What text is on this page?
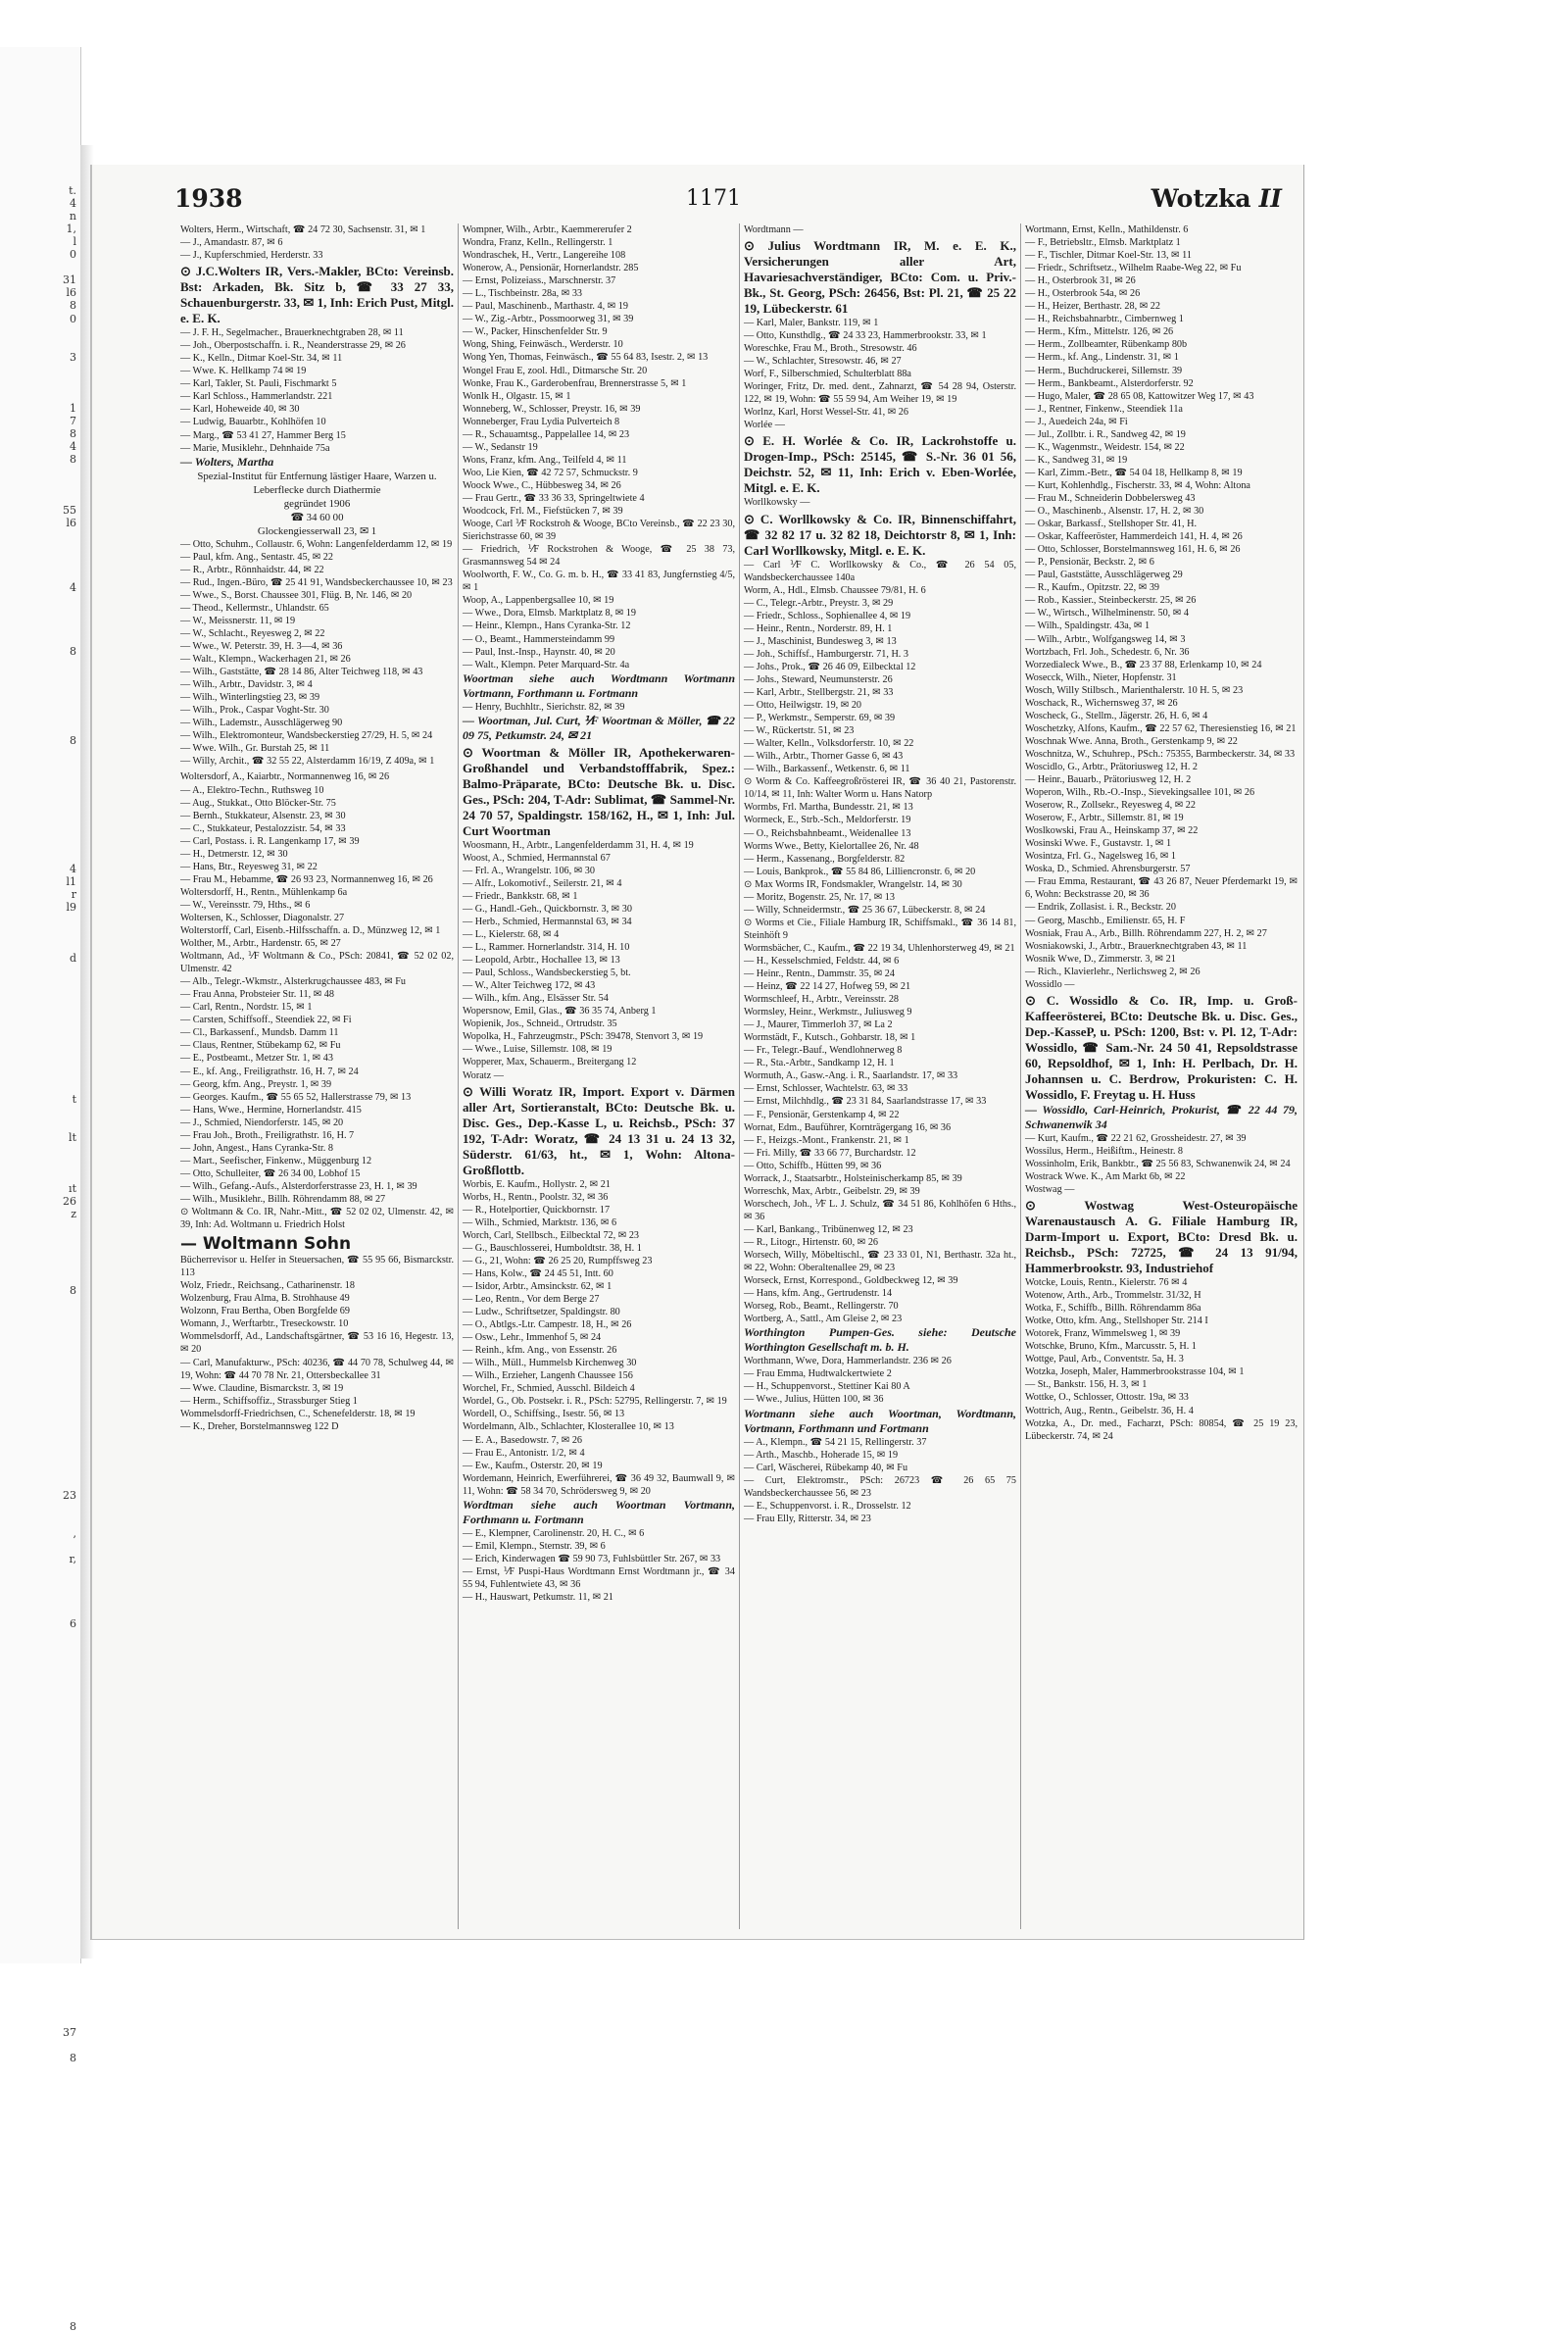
t.
4
n
1,
l
0
31
l6
8
0
3
1
7
8
4
8
55
l6
4
8
8
4
l1
r
l9
d
t
lt
ıt
26
z
8
23
,
r,
6
37
8
8
1938	1171	Wotzka II
Wolters, Herm., Wirtschaft, ☎ 24 72 30, Sachsenstr. 31, ✉ 1
— J., Amandastr. 87, ✉ 6
— J., Kupferschmied, Herderstr. 33
⊙ J.C.Wolters IR, Vers.-Makler, BCto: Vereinsb. Bst: Arkaden, Bk. Sitz b, ☎ 33 27 33, Schauenburgerstr. 33, ✉ 1, Inh: Erich Pust, Mitgl. e. E. K.
— J. F. H., Segelmacher., Brauerknechtgraben 28, ✉ 11
— Joh., Oberpostschaffn. i. R., Neanderstrasse 29, ✉ 26
— K., Kelln., Ditmar Koel-Str. 34, ✉ 11
— Wwe. K. Hellkamp 74 ✉ 19
— Karl, Takler, St. Pauli, Fischmarkt 5
— Karl Schloss., Hammerlandstr. 221
— Karl, Hoheweide 40, ✉ 30
— Ludwig, Bauarbtr., Kohlhöfen 10
— Marg., ☎ 53 41 27, Hammer Berg 15
— Marie, Musiklehr., Dehnhaide 75a
— Wolters, Martha
Spezial-Institut für Entfernung lästiger Haare, Warzen u. Leberflecke durch Diathermie
gegründet 1906
☎ 34 60 00
Glockengiesserwall 23, ✉ 1
— Otto, Schuhm., Collaustr. 6, Wohn: Langenfelderdamm 12, ✉ 19
— Paul, kfm. Ang., Sentastr. 45, ✉ 22
— R., Arbtr., Rönnhaidstr. 44, ✉ 22
— Rud., Ingen.-Büro, ☎ 25 41 91, Wandsbeckerchaussee 10, ✉ 23
— Wwe., S., Borst. Chaussee 301, Flüg. B, Nr. 146, ✉ 20
— Theod., Kellermstr., Uhlandstr. 65
— W., Meissnerstr. 11, ✉ 19
— W., Schlacht., Reyesweg 2, ✉ 22
— Wwe., W. Peterstr. 39, H. 3—4, ✉ 36
— Walt., Klempn., Wackerhagen 21, ✉ 26
— Wilh., Gaststätte, ☎ 28 14 86, Alter Teichweg 118, ✉ 43
— Wilh., Arbtr., Davidstr. 3, ✉ 4
— Wilh., Winterlingstieg 23, ✉ 39
— Wilh., Prok., Caspar Voght-Str. 30
— Wilh., Lademstr., Ausschlägerweg 90
— Wilh., Elektromonteur, Wandsbeckerstieg 27/29, H. 5, ✉ 24
— Wwe. Wilh., Gr. Burstah 25, ✉ 11
— Willy, Archit., ☎ 32 55 22, Alsterdamm 16/19, Z 409a, ✉ 1
Woltersdorf, A., Kaiarbtr., Normannenweg 16, ✉ 26
— A., Elektro-Techn., Ruthsweg 10
— Aug., Stukkat., Otto Blöcker-Str. 75
— Bernh., Stukkateur, Alsenstr. 23, ✉ 30
— C., Stukkateur, Pestalozzistr. 54, ✉ 33
— Carl, Postass. i. R. Langenkamp 17, ✉ 39
— H., Detmerstr. 12, ✉ 30
— Hans, Btr., Reyesweg 31, ✉ 22
— Frau M., Hebamme, ☎ 26 93 23, Normannenweg 16, ✉ 26
Woltersdorff, H., Rentn., Mühlenkamp 6a
— W., Vereinsstr. 79, Hths., ✉ 6
Woltersen, K., Schlosser, Diagonalstr. 27
Wolterstorff, Carl, Eisenb.-Hilfsschaffn. a. D., Münzweg 12, ✉ 1
Wolther, M., Arbtr., Hardenstr. 65, ✉ 27
Woltmann, Ad., ⅟F Woltmann & Co., PSch: 20841, ☎ 52 02 02, Ulmenstr. 42
— Alb., Telegr.-Wkmstr., Alsterkrugchaussee 483, ✉ Fu
— Frau Anna, Probsteier Str. 11, ✉ 48
— Carl, Rentn., Nordstr. 15, ✉ 1
— Carsten, Schiffsoff., Steendiek 22, ✉ Fi
— Cl., Barkassenf., Mundsb. Damm 11
— Claus, Rentner, Stübekamp 62, ✉ Fu
— E., Postbeamt., Metzer Str. 1, ✉ 43
— E., kf. Ang., Freiligrathstr. 16, H. 7, ✉ 24
— Georg, kfm. Ang., Preystr. 1, ✉ 39
— Georges. Kaufm., ☎ 55 65 52, Hallerstrasse 79, ✉ 13
— Hans, Wwe., Hermine, Hornerlandstr. 415
— J., Schmied, Niendorferstr. 145, ✉ 20
— Frau Joh., Broth., Freiligrathstr. 16, H. 7
— John, Angest., Hans Cyranka-Str. 8
— Mart., Seefischer, Finkenw., Müggenburg 12
— Otto, Schulleiter, ☎ 26 34 00, Lobhof 15
— Wilh., Gefang.-Aufs., Alsterdorferstrasse 23, H. 1, ✉ 39
— Wilh., Musiklehr., Billh. Röhrendamm 88, ✉ 27
⊙ Woltmann & Co. IR, Nahr.-Mitt., ☎ 52 02 02, Ulmenstr. 42, ✉ 39, Inh: Ad. Woltmann u. Friedrich Holst
— Woltmann Sohn
Bücherrevisor u. Helfer in Steuersachen, ☎ 55 95 66, Bismarckstr. 113
Wolz, Friedr., Reichsang., Catharinenstr. 18
Wolzenburg, Frau Alma, B. Strohhause 49
Wolzonn, Frau Bertha, Oben Borgfelde 69
Womann, J., Werftarbtr., Treseckowstr. 10
Wommelsdorff, Ad., Landschaftsgärtner, ☎ 53 16 16, Hegestr. 13, ✉ 20
— Carl, Manufakturw., PSch: 40236, ☎ 44 70 78, Schulweg 44, ✉ 19, Wohn: ☎ 44 70 78 Nr. 21, Ottersbeckallee 31
— Wwe. Claudine, Bismarckstr. 3, ✉ 19
— Herm., Schiffsoffiz., Strassburger Stieg 1
Wommelsdorff-Friedrichsen, C., Schenefelderstr. 18, ✉ 19
— K., Dreher, Borstelmannsweg 122 D
Wompner, Wilh., Arbtr., Kaemmererufer 2
Wondra, Franz, Kelln., Rellingerstr. 1
Wondraschek, H., Vertr., Langereihe 108
Wonerow, A., Pensionär, Hornerlandstr. 285
— Ernst, Polizeiass., Marschnerstr. 37
— L., Tischbeinstr. 28a, ✉ 33
— Paul, Maschinenb., Marthastr. 4, ✉ 19
— W., Zig.-Arbtr., Possmoorweg 31, ✉ 39
— W., Packer, Hinschenfelder Str. 9
Wong, Shing, Feinwäsch., Werderstr. 10
Wong Yen, Thomas, Feinwäsch., ☎ 55 64 83, Isestr. 2, ✉ 13
Wongel Frau E, zool. Hdl., Ditmarsche Str. 20
Wonke, Frau K., Garderobenfrau, Brennerstrasse 5, ✉ 1
Wonlk H., Olgastr. 15, ✉ 1
Wonneberg, W., Schlosser, Preystr. 16, ✉ 39
Wonneberger, Frau Lydia Pulverteich 8
— R., Schauamtsg., Pappelallee 14, ✉ 23
— W., Sedanstr 19
Wons, Franz, kfm. Ang., Teilfeld 4, ✉ 11
Woo, Lie Kien, ☎ 42 72 57, Schmuckstr. 9
Woock Wwe., C., Hübbesweg 34, ✉ 26
— Frau Gertr., ☎ 33 36 33, Springeltwiete 4
Woodcock, Frl. M., Fiefstücken 7, ✉ 39
Wooge, Carl ⅟F Rockstroh & Wooge, BCto Vereinsb., ☎ 22 23 30, Sierichstrasse 60, ✉ 39
— Friedrich, ⅟F Rockstrohen & Wooge, ☎ 25 38 73, Grasmannsweg 54 ✉ 24
Woolworth, F. W., Co. G. m. b. H., ☎ 33 41 83, Jungfernstieg 4/5, ✉ 1
Woop, A., Lappenbergsallee 10, ✉ 19
— Wwe., Dora, Elmsb. Marktplatz 8, ✉ 19
— Heinr., Klempn., Hans Cyranka-Str. 12
— O., Beamt., Hammersteindamm 99
— Paul, Inst.-Insp., Haynstr. 40, ✉ 20
— Walt., Klempn. Peter Marquard-Str. 4a
Woortman siehe auch Wordtmann Wortmann Vortmann, Forthmann u. Fortmann
— Henry, Buchhltr., Sierichstr. 82, ✉ 39
— Woortman, Jul. Curt, ⅟F Woortman & Möller, ☎ 22 09 75, Petkumstr. 24, ✉ 21
⊙ Woortman & Möller IR, Apothekerwaren-Großhandel und Verbandstofffabrik, Spez.: Balmo-Präparate, BCto: Deutsche Bk. u. Disc. Ges., PSch: 204, T-Adr: Sublimat, ☎ Sammel-Nr. 24 70 57, Spaldingstr. 158/162, H., ✉ 1, Inh: Jul. Curt Woortman
Woosmann, H., Arbtr., Langenfelderdamm 31, H. 4, ✉ 19
Woost, A., Schmied, Hermannstal 67
— Frl. A., Wrangelstr. 106, ✉ 30
— Alfr., Lokomotivf., Seilerstr. 21, ✉ 4
— Friedr., Bankkstr. 68, ✉ 1
— G., Handl.-Geh., Quickbornstr. 3, ✉ 30
— Herb., Schmied, Hermannstal 63, ✉ 34
— L., Kielerstr. 68, ✉ 4
— L., Rammer. Hornerlandstr. 314, H. 10
— Leopold, Arbtr., Hochallee 13, ✉ 13
— Paul, Schloss., Wandsbeckerstieg 5, bt.
— W., Alter Teichweg 172, ✉ 43
— Wilh., kfm. Ang., Elsässer Str. 54
Wopersnow, Emil, Glas., ☎ 36 35 74, Anberg 1
Wopienik, Jos., Schneid., Ortrudstr. 35
Wopolka, H., Fahrzeugmstr., PSch: 39478, Stenvort 3, ✉ 19
— Wwe., Luise, Sillemstr. 108, ✉ 19
Wopperer, Max, Schauerm., Breitergang 12
Woratz —
⊙ Willi Woratz IR, Import. Export v. Därmen aller Art, Sortieranstalt, BCto: Deutsche Bk. u. Disc. Ges., Dep.-Kasse L, u. Reichsb., PSch: 37 192, T-Adr: Woratz, ☎ 24 13 31 u. 24 13 32, Süderstr. 61/63, ht., ✉ 1, Wohn: Altona-Großflottb.
Worbis, E. Kaufm., Hollystr. 2, ✉ 21
Worbs, H., Rentn., Poolstr. 32, ✉ 36
— R., Hotelportier, Quickbornstr. 17
— Wilh., Schmied, Marktstr. 136, ✉ 6
Worch, Carl, Stellbsch., Eilbecktal 72, ✉ 23
— G., Bauschlosserei, Humboldtstr. 38, H. 1
— G., 21, Wohn: ☎ 26 25 20, Rumpffsweg 23
— Hans, Kolw., ☎ 24 45 51, Intt. 60
— Isidor, Arbtr., Amsinckstr. 62, ✉ 1
— Leo, Rentn., Vor dem Berge 27
— Ludw., Schriftsetzer, Spaldingstr. 80
— O., Abtlgs.-Ltr. Campestr. 18, H., ✉ 26
— Osw., Lehr., Immenhof 5, ✉ 24
— Reinh., kfm. Ang., von Essenstr. 26
— Wilh., Müll., Hummelsb Kirchenweg 30
— Wilh., Erzieher, Langenh Chaussee 156
Worchel, Fr., Schmied, Ausschl. Bildeich 4
Wordel, G., Ob. Postsekr. i. R., PSch: 52795, Rellingerstr. 7, ✉ 19
Wordell, O., Schiffsing., Isestr. 56, ✉ 13
Wordelmann, Alb., Schlachter, Klosterallee 10, ✉ 13
— E. A., Basedowstr. 7, ✉ 26
— Frau E., Antonistr. 1/2, ✉ 4
— Ew., Kaufm., Osterstr. 20, ✉ 19
Wordemann, Heinrich, Ewerführerei, ☎ 36 49 32, Baumwall 9, ✉ 11, Wohn: ☎ 58 34 70, Schrödersweg 9, ✉ 20
Wordtman siehe auch Woortman Vortmann, Forthmann u. Fortmann
— E., Klempner, Carolinenstr. 20, H. C., ✉ 6
— Emil, Klempn., Sternstr. 39, ✉ 6
— Erich, Kinderwagen ☎ 59 90 73, Fuhlsbüttler Str. 267, ✉ 33
— Ernst, ⅟F Puspi-Haus Wordtmann Ernst Wordtmann jr., ☎ 34 55 94, Fuhlentwiete 43, ✉ 36
— H., Hauswart, Petkumstr. 11, ✉ 21
Wordtmann —
⊙ Julius Wordtmann IR, M. e. E. K., Versicherungen aller Art, Havariesachverständiger, BCto: Com. u. Priv.-Bk., St. Georg, PSch: 26456, Bst: Pl. 21, ☎ 25 22 19, Lübeckerstr. 61
— Karl, Maler, Bankstr. 119, ✉ 1
— Otto, Kunsthdlg., ☎ 24 33 23, Hammerbrookstr. 33, ✉ 1
Woreschke, Frau M., Broth., Stresowstr. 46
— W., Schlachter, Stresowstr. 46, ✉ 27
Worf, F., Silberschmied, Schulterblatt 88a
Woringer, Fritz, Dr. med. dent., Zahnarzt, ☎ 54 28 94, Osterstr. 122, ✉ 19, Wohn: ☎ 55 59 94, Am Weiher 19, ✉ 19
Worlnz, Karl, Horst Wessel-Str. 41, ✉ 26
Worlée —
⊙ E. H. Worlée & Co. IR, Lackrohstoffe u. Drogen-Imp., PSch: 25145, ☎ S.-Nr. 36 01 56, Deichstr. 52, ✉ 11, Inh: Erich v. Eben-Worlée, Mitgl. e. E. K.
Worllkowsky —
⊙ C. Worllkowsky & Co. IR, Binnenschiffahrt, ☎ 32 82 17 u. 32 82 18, Deichtorstr 8, ✉ 1, Inh: Carl Worllkowsky, Mitgl. e. E. K.
— Carl ⅟F C. Worllkowsky & Co., ☎ 26 54 05, Wandsbeckerchaussee 140a
Worm, A., Hdl., Elmsb. Chaussee 79/81, H. 6
— C., Telegr.-Arbtr., Preystr. 3, ✉ 29
— Friedr., Schloss., Sophienallee 4, ✉ 19
— Heinr., Rentn., Norderstr. 89, H. 1
— J., Maschinist, Bundesweg 3, ✉ 13
— Joh., Schiffsf., Hamburgerstr. 71, H. 3
— Johs., Prok., ☎ 26 46 09, Eilbecktal 12
— Johs., Steward, Neumunsterstr. 26
— Karl, Arbtr., Stellbergstr. 21, ✉ 33
— Otto, Heilwigstr. 19, ✉ 20
— P., Werkmstr., Semperstr. 69, ✉ 39
— W., Rückertstr. 51, ✉ 23
— Walter, Kelln., Volksdorferstr. 10, ✉ 22
— Wilh., Arbtr., Thorner Gasse 6, ✉ 43
— Wilh., Barkassenf., Wetkenstr. 6, ✉ 11
⊙ Worm & Co. Kaffeegroßrösterei IR, ☎ 36 40 21, Pastorenstr. 10/14, ✉ 11, Inh: Walter Worm u. Hans Natorp
Wormbs, Frl. Martha, Bundesstr. 21, ✉ 13
Wormeck, E., Strb.-Sch., Meldorferstr. 19
— O., Reichsbahnbeamt., Weidenallee 13
Worms Wwe., Betty, Kielortallee 26, Nr. 48
— Herm., Kassenang., Borgfelderstr. 82
— Louis, Bankprok., ☎ 55 84 86, Lilliencronstr. 6, ✉ 20
⊙ Max Worms IR, Fondsmakler, Wrangelstr. 14, ✉ 30
— Moritz, Bogenstr. 25, Nr. 17, ✉ 13
— Willy, Schneidermstr., ☎ 25 36 67, Lübeckerstr. 8, ✉ 24
⊙ Worms et Cie., Filiale Hamburg IR, Schiffsmakl., ☎ 36 14 81, Steinhöft 9
Wormsbächer, C., Kaufm., ☎ 22 19 34, Uhlenhorsterweg 49, ✉ 21
— H., Kesselschmied, Feldstr. 44, ✉ 6
— Heinr., Rentn., Dammstr. 35, ✉ 24
— Heinz, ☎ 22 14 27, Hofweg 59, ✉ 21
Wormschleef, H., Arbtr., Vereinsstr. 28
Wormsley, Heinr., Werkmstr., Juliusweg 9
— J., Maurer, Timmerloh 37, ✉ La 2
Wormstädt, F., Kutsch., Gohbarstr. 18, ✉ 1
— Fr., Telegr.-Bauf., Wendlohnerweg 8
— R., Sta.-Arbtr., Sandkamp 12, H. 1
Wormuth, A., Gasw.-Ang. i. R., Saarlandstr. 17, ✉ 33
— Ernst, Schlosser, Wachtelstr. 63, ✉ 33
— Ernst, Milchhdlg., ☎ 23 31 84, Saarlandstrasse 17, ✉ 33
— F., Pensionär, Gerstenkamp 4, ✉ 22
Wornat, Edm., Bauführer, Kornträgergang 16, ✉ 36
— F., Heizgs.-Mont., Frankenstr. 21, ✉ 1
— Fri. Milly, ☎ 33 66 77, Burchardstr. 12
— Otto, Schiffb., Hütten 99, ✉ 36
Worrack, J., Staatsarbtr., Holsteinischerkamp 85, ✉ 39
Worreschk, Max, Arbtr., Geibelstr. 29, ✉ 39
Worschech, Joh., ⅟F L. J. Schulz, ☎ 34 51 86, Kohlhöfen 6 Hths., ✉ 36
— Karl, Bankang., Tribünenweg 12, ✉ 23
— R., Litogr., Hirtenstr. 60, ✉ 26
Worsech, Willy, Möbeltischl., ☎ 23 33 01, N1, Berthastr. 32a ht., ✉ 22, Wohn: Oberaltenallee 29, ✉ 23
Worseck, Ernst, Korrespond., Goldbeckweg 12, ✉ 39
— Hans, kfm. Ang., Gertrudenstr. 14
Worseg, Rob., Beamt., Rellingerstr. 70
Wortberg, A., Sattl., Am Gleise 2, ✉ 23
Worthington Pumpen-Ges. siehe: Deutsche Worthington Gesellschaft m. b. H.
Worthmann, Wwe, Dora, Hammerlandstr. 236 ✉ 26
— Frau Emma, Hudtwalckertwiete 2
— H., Schuppenvorst., Stettiner Kai 80 A
— Wwe., Julius, Hütten 100, ✉ 36
Wortmann siehe auch Woortman, Wordtmann, Vortmann, Forthmann und Fortmann
— A., Klempn., ☎ 54 21 15, Rellingerstr. 37
— Arth., Maschb., Hoherade 15, ✉ 19
— Carl, Wäscherei, Rübekamp 40, ✉ Fu
— Curt, Elektromstr., PSch: 26723 ☎ 26 65 75 Wandsbeckerchaussee 56, ✉ 23
— E., Schuppenvorst. i. R., Drosselstr. 12
— Frau Elly, Ritterstr. 34, ✉ 23
Wortmann, Ernst, Kelln., Mathildenstr. 6
— F., Betriebsltr., Elmsb. Marktplatz 1
— F., Tischler, Ditmar Koel-Str. 13, ✉ 11
— Friedr., Schriftsetz., Wilhelm Raabe-Weg 22, ✉ Fu
— H., Osterbrook 31, ✉ 26
— H., Osterbrook 54a, ✉ 26
— H., Heizer, Berthastr. 28, ✉ 22
— H., Reichsbahnarbtr., Cimbernweg 1
— Herm., Kfm., Mittelstr. 126, ✉ 26
— Herm., Zollbeamter, Rübenkamp 80b
— Herm., kf. Ang., Lindenstr. 31, ✉ 1
— Herm., Buchdruckerei, Sillemstr. 39
— Herm., Bankbeamt., Alsterdorferstr. 92
— Hugo, Maler, ☎ 28 65 08, Kattowitzer Weg 17, ✉ 43
— J., Rentner, Finkenw., Steendiek 11a
— J., Auedeich 24a, ✉ Fi
— Jul., Zollbtr. i. R., Sandweg 42, ✉ 19
— K., Wagenmstr., Weidestr. 154, ✉ 22
— K., Sandweg 31, ✉ 19
— Karl, Zimm.-Betr., ☎ 54 04 18, Hellkamp 8, ✉ 19
— Kurt, Kohlenhdlg., Fischerstr. 33, ✉ 4, Wohn: Altona
— Frau M., Schneiderin Dobbelersweg 43
— O., Maschinenb., Alsenstr. 17, H. 2, ✉ 30
— Oskar, Barkassf., Stellshoper Str. 41, H.
— Oskar, Kaffeeröster, Hammerdeich 141, H. 4, ✉ 26
— Otto, Schlosser, Borstelmannsweg 161, H. 6, ✉ 26
— P., Pensionär, Beckstr. 2, ✉ 6
— Paul, Gaststätte, Ausschlägerweg 29
— R., Kaufm., Opitzstr. 22, ✉ 39
— Rob., Kassier., Steinbeckerstr. 25, ✉ 26
— W., Wirtsch., Wilhelminenstr. 50, ✉ 4
— Wilh., Spaldingstr. 43a, ✉ 1
— Wilh., Arbtr., Wolfgangsweg 14, ✉ 3
Wortzbach, Frl. Joh., Schedestr. 6, Nr. 36
Worzedialeck Wwe., B., ☎ 23 37 88, Erlenkamp 10, ✉ 24
Wosecck, Wilh., Nieter, Hopfenstr. 31
Wosch, Willy Stilbsch., Marienthalerstr. 10 H. 5, ✉ 23
Woschack, R., Wichernsweg 37, ✉ 26
Woscheck, G., Stellm., Jägerstr. 26, H. 6, ✉ 4
Woschetzky, Alfons, Kaufm., ☎ 22 57 62, Theresienstieg 16, ✉ 21
Woschnak Wwe. Anna, Broth., Gerstenkamp 9, ✉ 22
Woschnitza, W., Schuhrep., PSch.: 75355, Barmbeckerstr. 34, ✉ 33
Woscidlo, G., Arbtr., Prätoriusweg 12, H. 2
— Heinr., Bauarb., Prätoriusweg 12, H. 2
Woperon, Wilh., Rb.-O.-Insp., Sievekingsallee 101, ✉ 26
Woserow, R., Zollsekr., Reyesweg 4, ✉ 22
Woserow, F., Arbtr., Sillemstr. 81, ✉ 19
Woslkowski, Frau A., Heinskamp 37, ✉ 22
Wosinski Wwe. F., Gustavstr. 1, ✉ 1
Wosintza, Frl. G., Nagelsweg 16, ✉ 1
Woska, D., Schmied. Ahrensburgerstr. 57
— Frau Emma, Restaurant, ☎ 43 26 87, Neuer Pferdemarkt 19, ✉ 6, Wohn: Beckstrasse 20, ✉ 36
— Endrik, Zollasist. i. R., Beckstr. 20
— Georg, Maschb., Emilienstr. 65, H. F
Wosniak, Frau A., Arb., Billh. Röhrendamm 227, H. 2, ✉ 27
Wosniakowski, J., Arbtr., Brauerknechtgraben 43, ✉ 11
Wosnik Wwe, D., Zimmerstr. 3, ✉ 21
— Rich., Klavierlehr., Nerlichsweg 2, ✉ 26
Wossidlo —
⊙ C. Wossidlo & Co. IR, Imp. u. Groß-Kaffeerösterei, BCto: Deutsche Bk. u. Disc. Ges., Dep.-KasseP, u. PSch: 1200, Bst: v. Pl. 12, T-Adr: Wossidlo, ☎ Sam.-Nr. 24 50 41, Repsoldstrasse 60, Repsoldhof, ✉ 1, Inh: H. Perlbach, Dr. H. Johannsen u. C. Berdrow, Prokuristen: C. H. Wossidlo, F. Freytag u. H. Huss
— Wossidlo, Carl-Heinrich, Prokurist, ☎ 22 44 79, Schwanenwik 34
— Kurt, Kaufm., ☎ 22 21 62, Grossheidestr. 27, ✉ 39
Wossilus, Herm., Heißiftm., Heinestr. 8
Wossinholm, Erik, Bankbtr., ☎ 25 56 83, Schwanenwik 24, ✉ 24
Wostrack Wwe. K., Am Markt 6b, ✉ 22
Wostwag —
⊙ Wostwag West-Osteuropäische Warenaustausch A. G. Filiale Hamburg IR, Darm-Import u. Export, BCto: Dresd Bk. u. Reichsb., PSch: 72725, ☎ 24 13 91/94, Hammerbrookstr. 93, Industriehof
Wotcke, Louis, Rentn., Kielerstr. 76 ✉ 4
Wotenow, Arth., Arb., Trommelstr. 31/32, H
Wotka, F., Schiffb., Billh. Röhrendamm 86a
Wotke, Otto, kfm. Ang., Stellshoper Str. 214 I
Wotorek, Franz, Wimmelsweg 1, ✉ 39
Wotschke, Bruno, Kfm., Marcusstr. 5, H. 1
Wottge, Paul, Arb., Conventstr. 5a, H. 3
Wotzka, Joseph, Maler, Hammerbrookstrasse 104, ✉ 1
— St., Bankstr. 156, H. 3, ✉ 1
Wottke, O., Schlosser, Ottostr. 19a, ✉ 33
Wottrich, Aug., Rentn., Geibelstr. 36, H. 4
Wotzka, A., Dr. med., Facharzt, PSch: 80854, ☎ 25 19 23, Lübeckerstr. 74, ✉ 24
